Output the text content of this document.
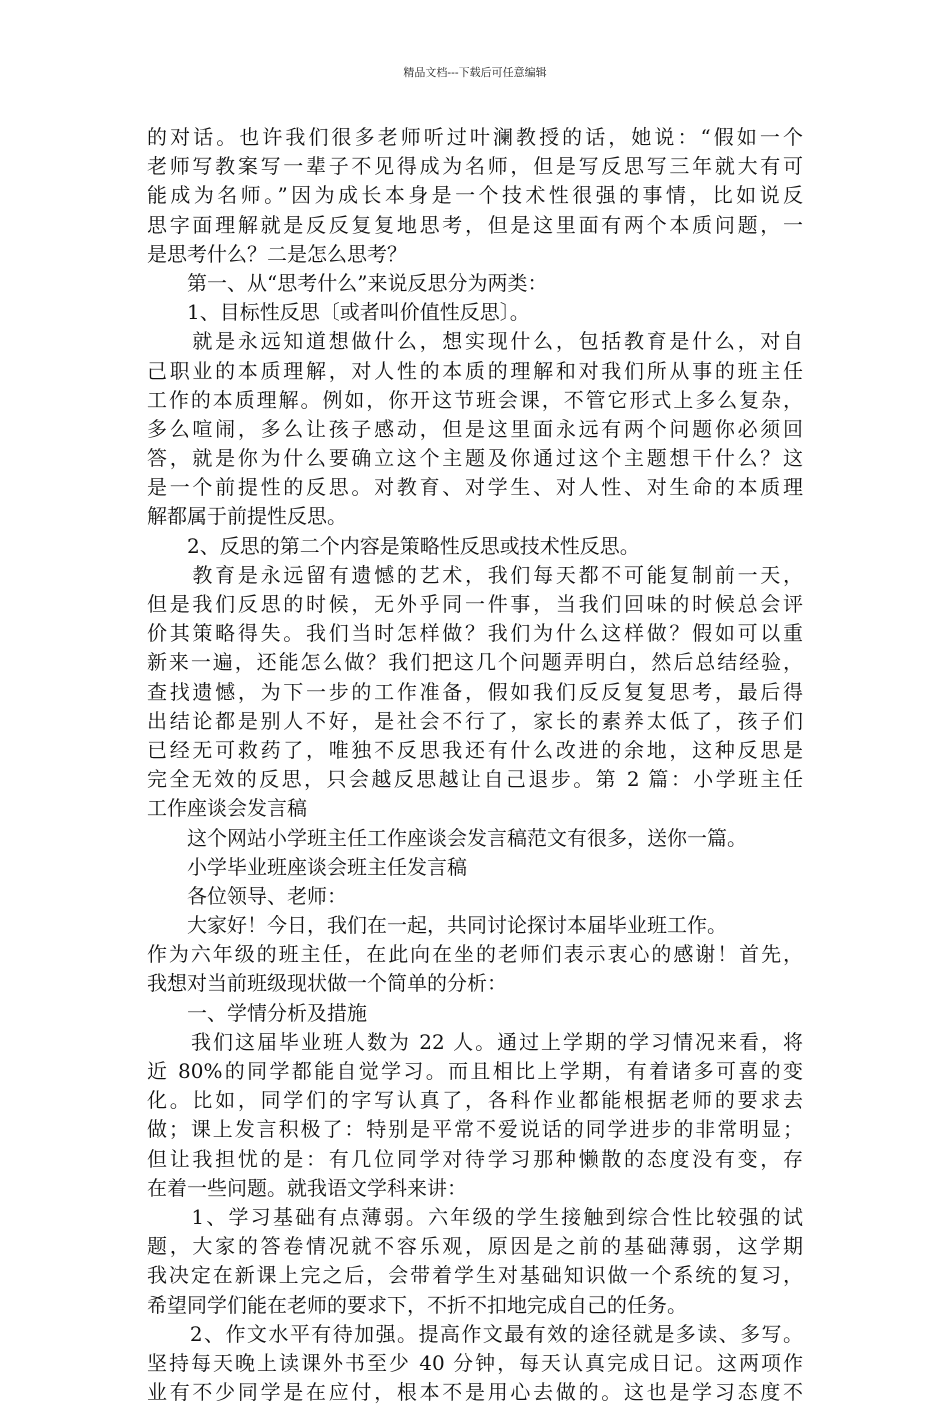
精品文档---下载后可任意编辑
的对话。也许我们很多老师听过叶澜教授的话，她说：“假如一个
老师写教案写一辈子不见得成为名师，但是写反思写三年就大有可
能成为名师。”因为成长本身是一个技术性很强的事情，比如说反
思字面理解就是反反复复地思考，但是这里面有两个本质问题，一
是思考什么？二是怎么思考？
　　第一、从“思考什么”来说反思分为两类：
　　1、目标性反思〔或者叫价值性反思〕。
　　就是永远知道想做什么，想实现什么，包括教育是什么，对自
己职业的本质理解，对人性的本质的理解和对我们所从事的班主任
工作的本质理解。例如，你开这节班会课，不管它形式上多么复杂，
多么喧闹，多么让孩子感动，但是这里面永远有两个问题你必须回
答，就是你为什么要确立这个主题及你通过这个主题想干什么？这
是一个前提性的反思。对教育、对学生、对人性、对生命的本质理
解都属于前提性反思。
　　2、反思的第二个内容是策略性反思或技术性反思。
　　教育是永远留有遗憾的艺术，我们每天都不可能复制前一天，
但是我们反思的时候，无外乎同一件事，当我们回味的时候总会评
价其策略得失。我们当时怎样做？我们为什么这样做？假如可以重
新来一遍，还能怎么做？我们把这几个问题弄明白，然后总结经验，
查找遗憾，为下一步的工作准备，假如我们反反复复思考，最后得
出结论都是别人不好，是社会不行了，家长的素养太低了，孩子们
已经无可救药了，唯独不反思我还有什么改进的余地，这种反思是
完全无效的反思，只会越反思越让自己退步。第 2 篇：小学班主任
工作座谈会发言稿
　　这个网站小学班主任工作座谈会发言稿范文有很多，送你一篇。
　　小学毕业班座谈会班主任发言稿
　　各位领导、老师：
　　大家好！今日，我们在一起，共同讨论探讨本届毕业班工作。
作为六年级的班主任，在此向在坐的老师们表示衷心的感谢！首先，
我想对当前班级现状做一个简单的分析：
　　一、学情分析及措施
　　我们这届毕业班人数为 22 人。通过上学期的学习情况来看，将
近 80%的同学都能自觉学习。而且相比上学期，有着诸多可喜的变
化。比如，同学们的字写认真了，各科作业都能根据老师的要求去
做；课上发言积极了：特别是平常不爱说话的同学进步的非常明显；
但让我担忧的是：有几位同学对待学习那种懒散的态度没有变，存
在着一些问题。就我语文学科来讲：
　　1、学习基础有点薄弱。六年级的学生接触到综合性比较强的试
题，大家的答卷情况就不容乐观，原因是之前的基础薄弱，这学期
我决定在新课上完之后，会带着学生对基础知识做一个系统的复习，
希望同学们能在老师的要求下，不折不扣地完成自己的任务。
　　2、作文水平有待加强。提高作文最有效的途径就是多读、多写。
坚持每天晚上读课外书至少 40 分钟，每天认真完成日记。这两项作
业有不少同学是在应付，根本不是用心去做的。这也是学习态度不
